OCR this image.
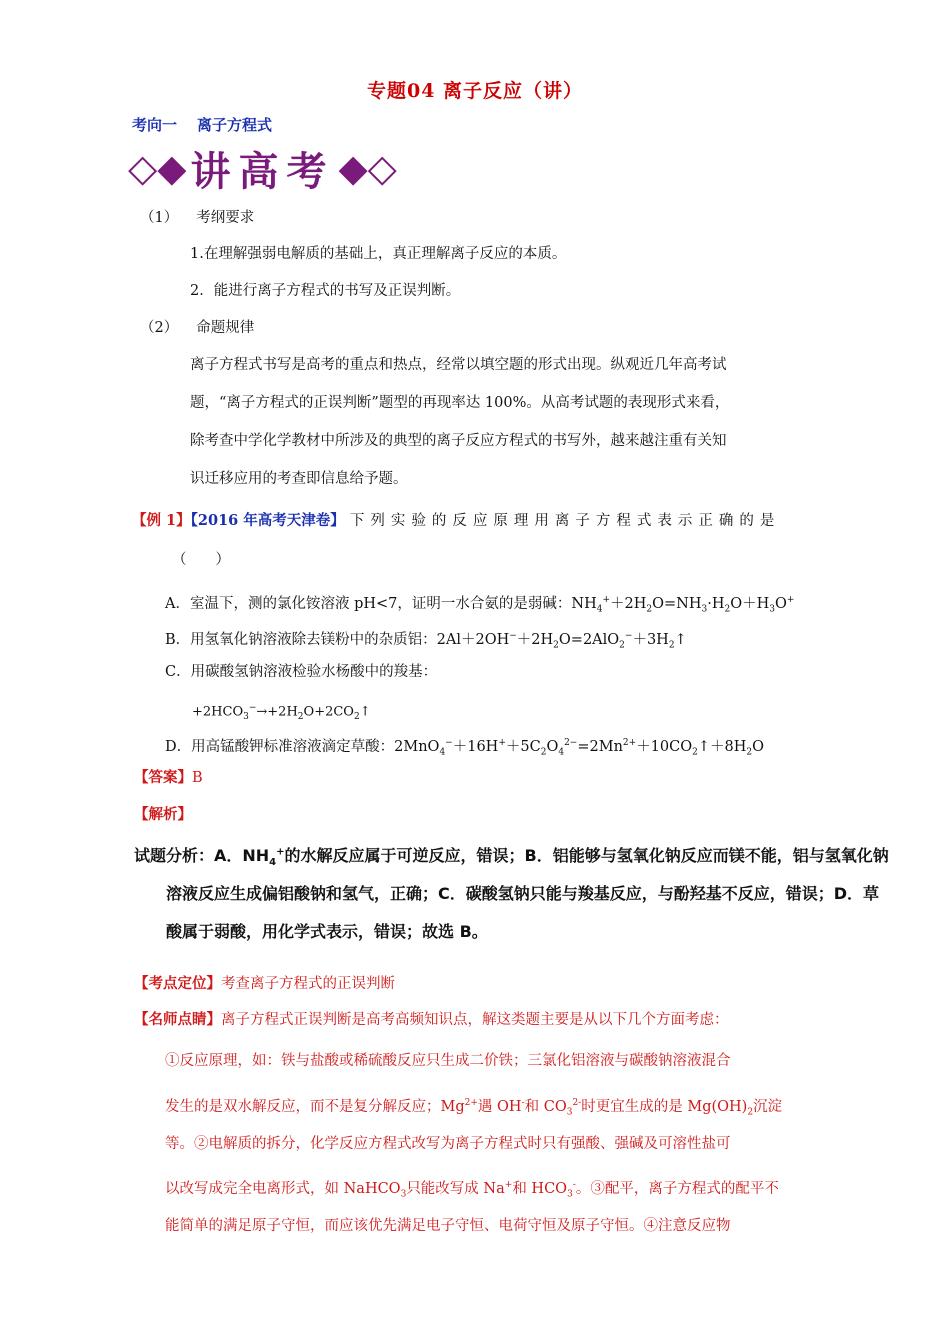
专题04 离子反应（讲）
考向一 离子方程式
◇◆ 讲高考 ◆◇
（1） 考纲要求
1.在理解强弱电解质的基础上，真正理解离子反应的本质。
2．能进行离子方程式的书写及正误判断。
（2） 命题规律
离子方程式书写是高考的重点和热点，经常以填空题的形式出现。纵观近几年高考试
题，“离子方程式的正误判断”题型的再现率达 100%。从高考试题的表现形式来看，
除考查中学化学教材中所涉及的典型的离子反应方程式的书写外，越来越注重有关知
识迁移应用的考查即信息给予题。
【例 1】【2016 年高考天津卷】 下列实验的反应原理用离子方程式表示正确的是
（　　）
A．室温下，测的氯化铵溶液 pH<7，证明一水合氨的是弱碱：$NH_4^++2H_2O=NH_3\cdot H_2O+H_3O^+$
B．用氢氧化钠溶液除去镁粉中的杂质铝：$2Al+2OH^-+2H_2O=2AlO_2^-+3H_2↑$
C．用碳酸氢钠溶液检验水杨酸中的羧基：
$+2HCO_3^-\to+2H_2O+2CO_2↑$
D．用高锰酸钾标准溶液滴定草酸：$2MnO_4^-+16H^++5C_2O_4^{2-}=2Mn^{2+}+10CO_2↑+8H_2O$
【答案】B
【解析】
试题分析：A．$NH_4^+$的水解反应属于可逆反应，错误；B．铝能够与氢氧化钠反应而镁不能，铝与氢氧化钠
溶液反应生成偏铝酸钠和氢气，正确；C．碳酸氢钠只能与羧基反应，与酚羟基不反应，错误；D．草
酸属于弱酸，用化学式表示，错误；故选 B。
【考点定位】考查离子方程式的正误判断
【名师点睛】离子方程式正误判断是高考高频知识点，解这类题主要是从以下几个方面考虑：
①反应原理，如：铁与盐酸或稀硫酸反应只生成二价铁；三氯化铝溶液与碳酸钠溶液混合
发生的是双水解反应，而不是复分解反应；$Mg^{2+}$遇 OH-和 $CO_3^{2-}$时更宜生成的是 $Mg(OH)_2$沉淀
等。②电解质的拆分，化学反应方程式改写为离子方程式时只有强酸、强碱及可溶性盐可
以改写成完全电离形式，如 NaHCO$_3$只能改写成 Na+和 $HCO_3^-$。③配平，离子方程式的配平不
能简单的满足原子守恒，而应该优先满足电子守恒、电荷守恒及原子守恒。④注意反应物
